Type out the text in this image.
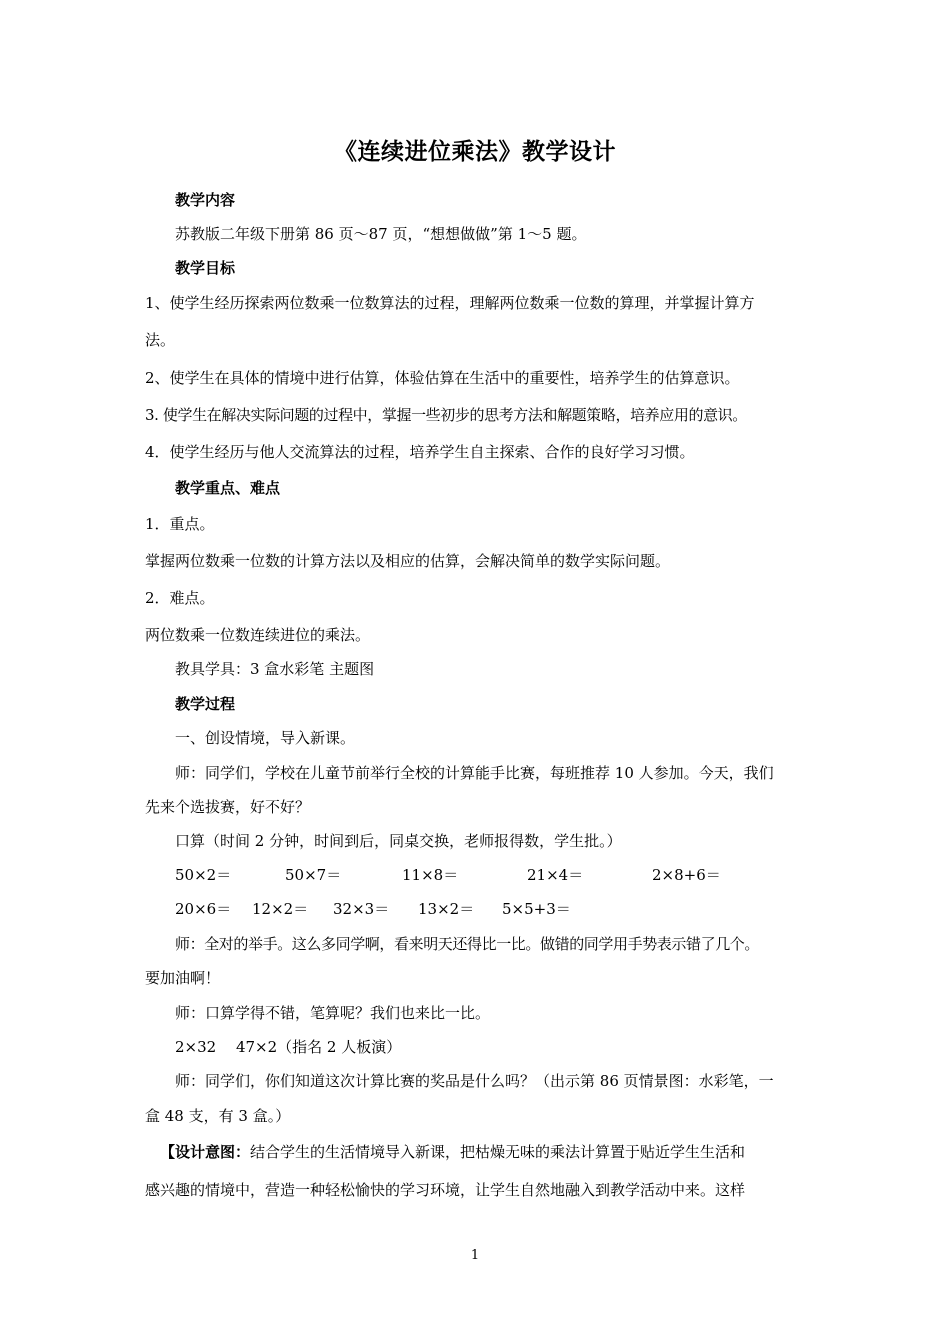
《连续进位乘法》教学设计
教学内容
苏教版二年级下册第 86 页～87 页，“想想做做”第 1～5 题。
教学目标
1、使学生经历探索两位数乘一位数算法的过程，理解两位数乘一位数的算理，并掌握计算方
法。
2、使学生在具体的情境中进行估算，体验估算在生活中的重要性，培养学生的估算意识。
3. 使学生在解决实际问题的过程中，掌握一些初步的思考方法和解题策略，培养应用的意识。
4．使学生经历与他人交流算法的过程，培养学生自主探索、合作的良好学习习惯。
教学重点、难点
1．重点。
掌握两位数乘一位数的计算方法以及相应的估算，会解决简单的数学实际问题。
2．难点。
两位数乘一位数连续进位的乘法。
教具学具：3 盒水彩笔 主题图
教学过程
一、创设情境，导入新课。
师：同学们，学校在儿童节前举行全校的计算能手比赛，每班推荐 10 人参加。今天，我们
先来个选拔赛，好不好？
口算（时间 2 分钟，时间到后，同桌交换，老师报得数，学生批。）
50×2＝	50×7＝	11×8＝	21×4＝	2×8+6＝
20×6＝ 12×2＝ 32×3＝ 13×2＝ 5×5+3＝
师：全对的举手。这么多同学啊，看来明天还得比一比。做错的同学用手势表示错了几个。
要加油啊！
师：口算学得不错，笔算呢？我们也来比一比。
2×32　 47×2（指名 2 人板演）
师：同学们，你们知道这次计算比赛的奖品是什么吗？（出示第 86 页情景图：水彩笔，一
盒 48 支，有 3 盒。）
【设计意图：结合学生的生活情境导入新课，把枯燥无味的乘法计算置于贴近学生生活和
感兴趣的情境中，营造一种轻松愉快的学习环境，让学生自然地融入到教学活动中来。这样
1
